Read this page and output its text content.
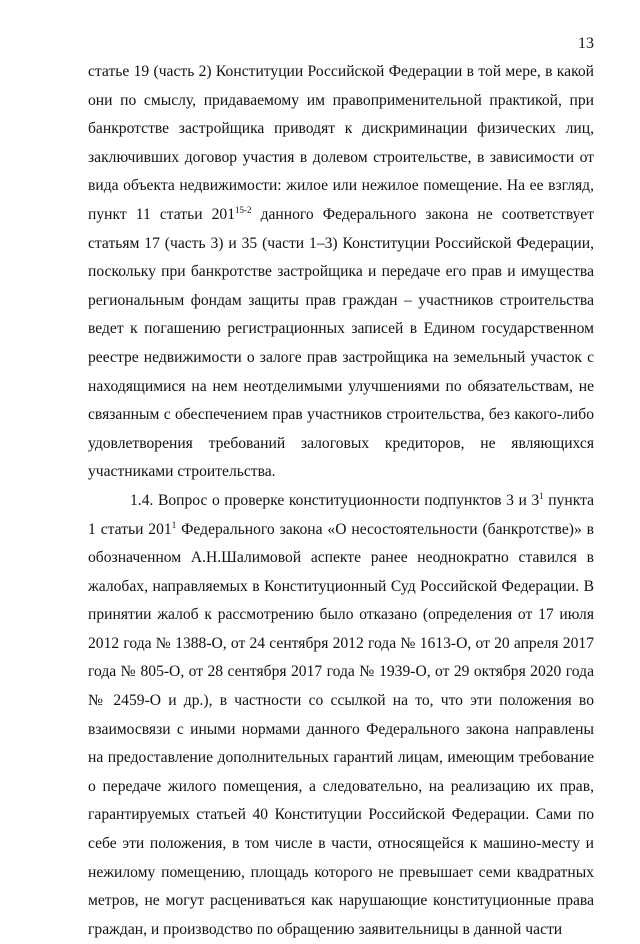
13

статье 19 (часть 2) Конституции Российской Федерации в той мере, в какой они по смыслу, придаваемому им правоприменительной практикой, при банкротстве застройщика приводят к дискриминации физических лиц, заключивших договор участия в долевом строительстве, в зависимости от вида объекта недвижимости: жилое или нежилое помещение. На ее взгляд, пункт 11 статьи 201$^{15-2}$ данного Федерального закона не соответствует статьям 17 (часть 3) и 35 (части 1–3) Конституции Российской Федерации, поскольку при банкротстве застройщика и передаче его прав и имущества региональным фондам защиты прав граждан – участников строительства ведет к погашению регистрационных записей в Едином государственном реестре недвижимости о залоге прав застройщика на земельный участок с находящимися на нем неотделимыми улучшениями по обязательствам, не связанным с обеспечением прав участников строительства, без какого-либо удовлетворения требований залоговых кредиторов, не являющихся участниками строительства.

1.4. Вопрос о проверке конституционности подпунктов 3 и $3^1$ пункта 1 статьи $201^1$ Федерального закона «О несостоятельности (банкротстве)» в обозначенном А.Н.Шалимовой аспекте ранее неоднократно ставился в жалобах, направляемых в Конституционный Суд Российской Федерации. В принятии жалоб к рассмотрению было отказано (определения от 17 июля 2012 года № 1388-О, от 24 сентября 2012 года № 1613-О, от 20 апреля 2017 года № 805-О, от 28 сентября 2017 года № 1939-О, от 29 октября 2020 года № 2459-О и др.), в частности со ссылкой на то, что эти положения во взаимосвязи с иными нормами данного Федерального закона направлены на предоставление дополнительных гарантий лицам, имеющим требование о передаче жилого помещения, а следовательно, на реализацию их прав, гарантируемых статьей 40 Конституции Российской Федерации. Сами по себе эти положения, в том числе в части, относящейся к машино-месту и нежилому помещению, площадь которого не превышает семи квадратных метров, не могут расцениваться как нарушающие конституционные права граждан, и производство по обращению заявительницы в данной части
